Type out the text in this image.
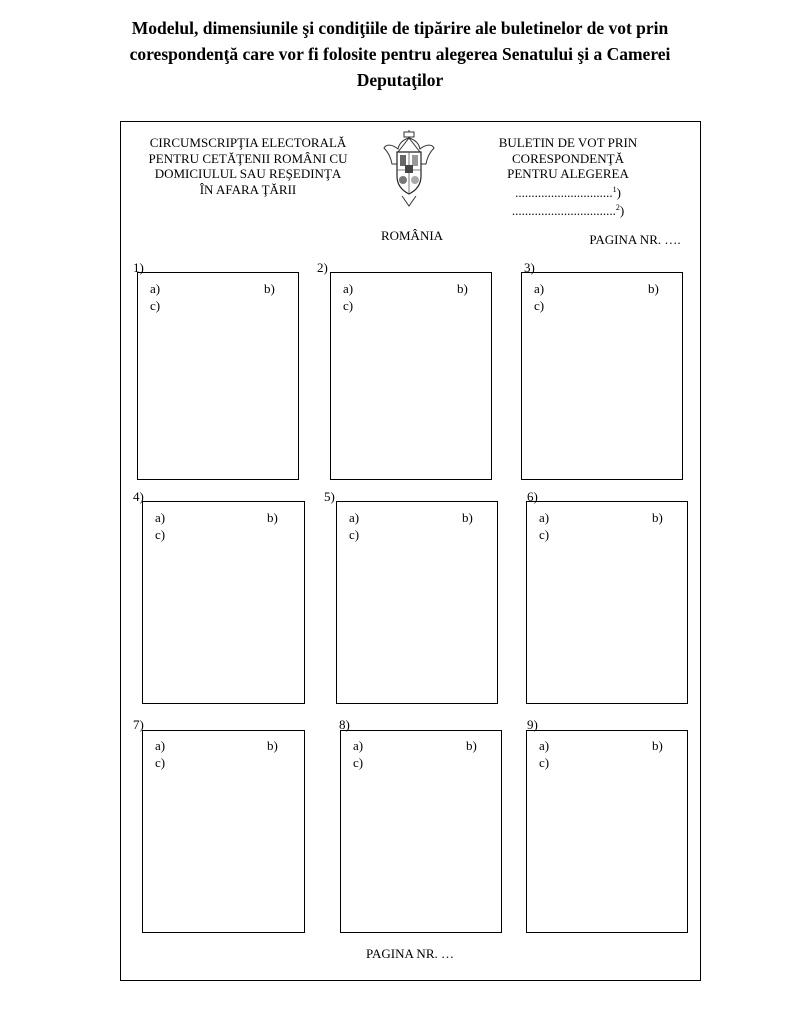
Modelul, dimensiunile şi condiţiile de tipărire ale buletinelor de vot prin
corespondenţă care vor fi folosite pentru alegerea Senatului şi a Camerei
Deputaţilor
CIRCUMSCRIPŢIA ELECTORALĂ
PENTRU CETĂŢENII ROMÂNI CU
DOMICIULUL SAU REŞEDINŢA
ÎN AFARA ŢĂRII
BULETIN DE VOT PRIN
CORESPONDENŢĂ
PENTRU ALEGEREA
..............................$^1$)
................................$^2$)
ROMÂNIA	PAGINA NR. ….
1)	2)	3)
4)	5)	6)
7)	8)	9)
a)	b)
c)
a)	b)
c)
a)	b)
c)
a)	b)
c)
a)	b)
c)
a)	b)
c)
a)	b)
c)
a)	b)
c)
a)	b)
c)
PAGINA NR. …
